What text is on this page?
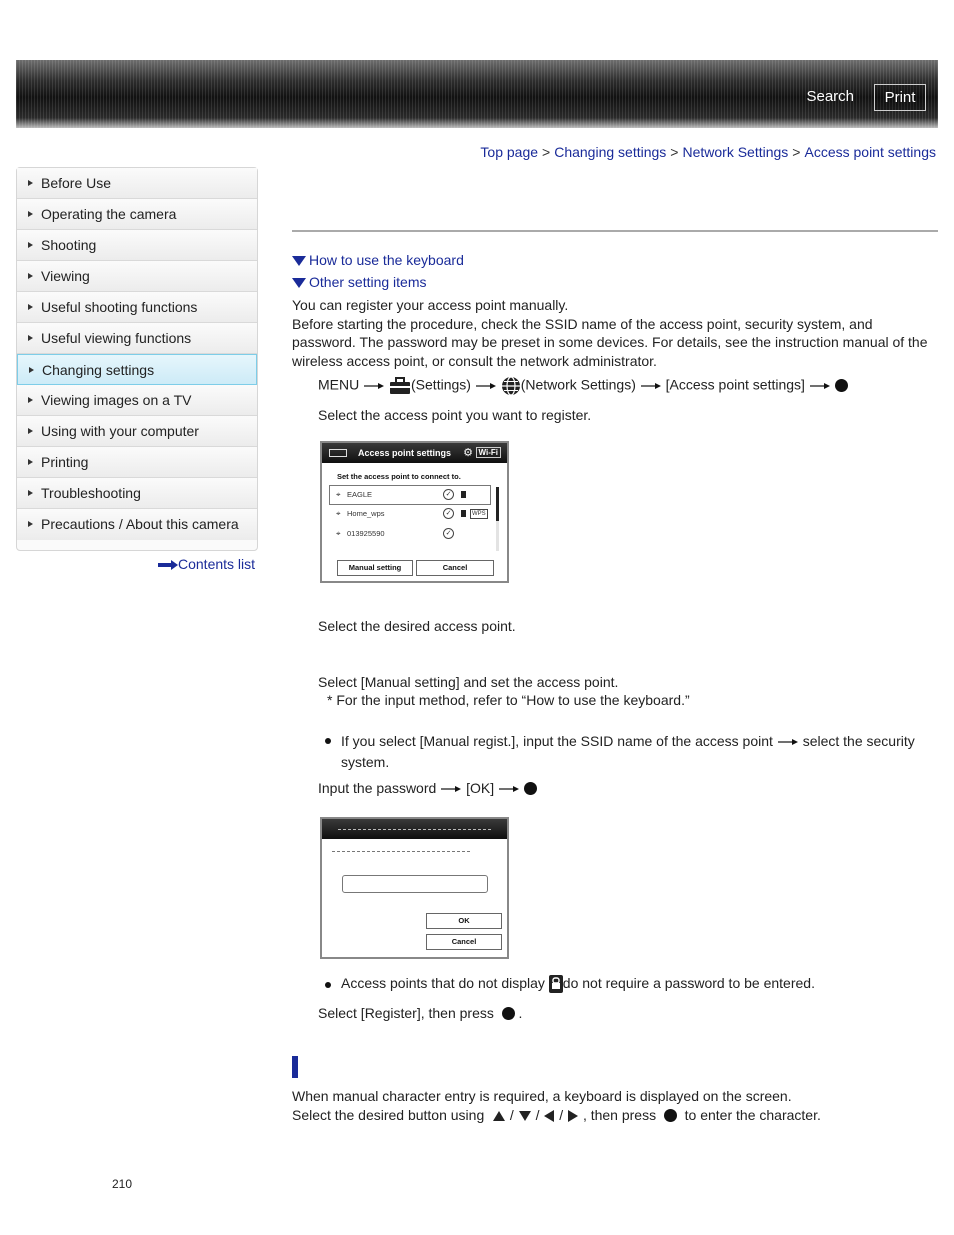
Search	Print
Top page > Changing settings > Network Settings > Access point settings
Before Use
Operating the camera
Shooting
Viewing
Useful shooting functions
Useful viewing functions
Changing settings
Viewing images on a TV
Using with your computer
Printing
Troubleshooting
Precautions / About this camera
Contents list
How to use the keyboard
Other setting items
You can register your access point manually.
Before starting the procedure, check the SSID name of the access point, security system, and password. The password may be preset in some devices. For details, see the instruction manual of the wireless access point, or consult the network administrator.
MENU	(Settings)	(Network Settings) [Access point settings]
Select the access point you want to register.
Access point settings ⚙ Wi-Fi
Set the access point to connect to.
⌖ EAGLE	✓
⌖ Home_wps	✓	WPS
⌖ 013925590	✓
Manual setting	Cancel
Select the desired access point.
Select [Manual setting] and set the access point.
* For the input method, refer to “How to use the keyboard.”
If you select [Manual regist.], input the SSID name of the access point select the security
system.
Input the password [OK]
OK
Cancel
Access points that do not display do not require a password to be entered.
Select [Register], then press .
When manual character entry is required, a keyboard is displayed on the screen.
Select the desired button using / / / , then press to enter the character.
210
